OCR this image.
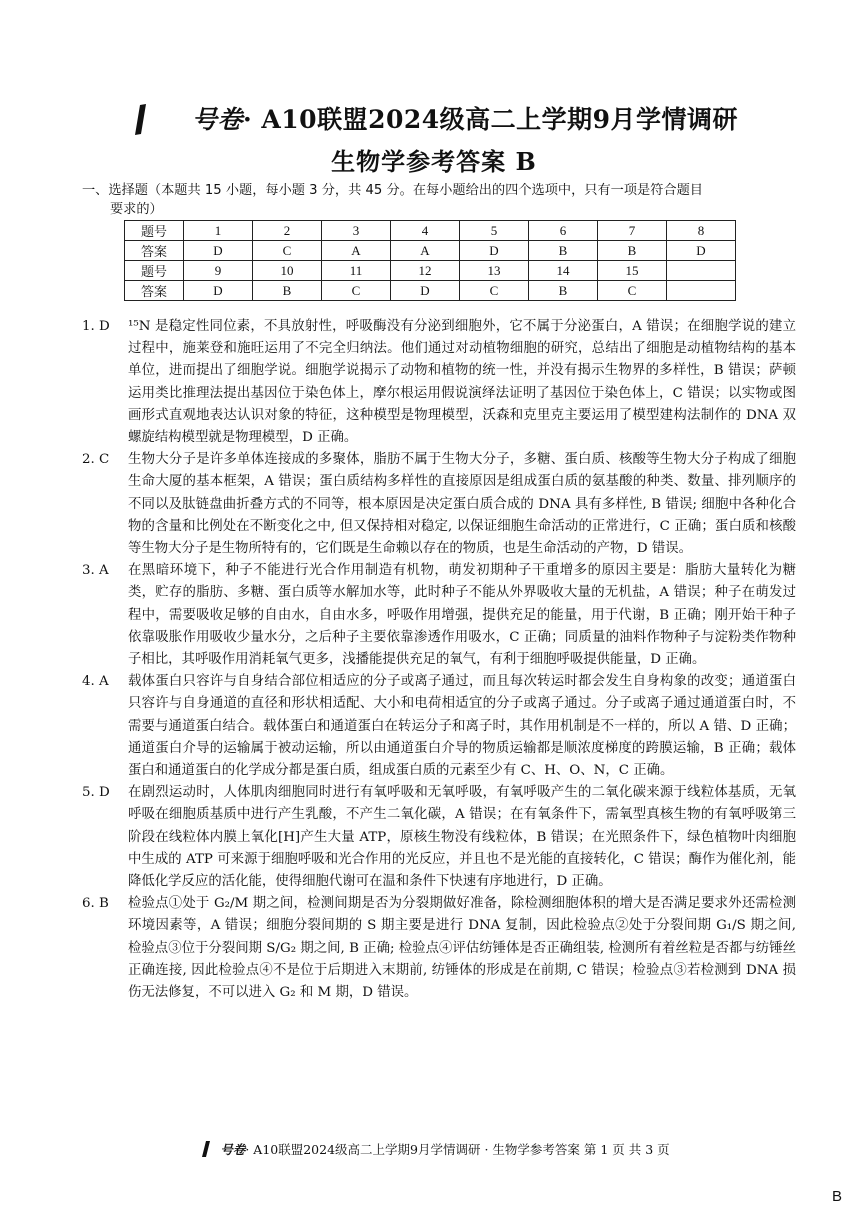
号卷· A10联盟2024级高二上学期9月学情调研
生物学参考答案 B
一、选择题（本题共 15 小题，每小题 3 分，共 45 分。在每小题给出的四个选项中，只有一项是符合题目
要求的）
题号	1	2	3	4	5	6	7	8
答案	D	C	A	A	D	B	B	D
题号	9	10	11	12	13	14	15	
答案	D	B	C	D	C	B	C	
1. D ¹⁵N 是稳定性同位素，不具放射性，呼吸酶没有分泌到细胞外，它不属于分泌蛋白，A 错误；在细胞学说的建立过程中，施莱登和施旺运用了不完全归纳法。他们通过对动植物细胞的研究，总结出了细胞是动植物结构的基本单位，进而提出了细胞学说。细胞学说揭示了动物和植物的统一性，并没有揭示生物界的多样性，B 错误；萨顿运用类比推理法提出基因位于染色体上，摩尔根运用假说演绎法证明了基因位于染色体上，C 错误；以实物或图画形式直观地表达认识对象的特征，这种模型是物理模型，沃森和克里克主要运用了模型建构法制作的 DNA 双螺旋结构模型就是物理模型，D 正确。
2. C 生物大分子是许多单体连接成的多聚体，脂肪不属于生物大分子，多糖、蛋白质、核酸等生物大分子构成了细胞生命大厦的基本框架，A 错误；蛋白质结构多样性的直接原因是组成蛋白质的氨基酸的种类、数量、排列顺序的不同以及肽链盘曲折叠方式的不同等，根本原因是决定蛋白质合成的 DNA 具有多样性, B 错误; 细胞中各种化合物的含量和比例处在不断变化之中, 但又保持相对稳定, 以保证细胞生命活动的正常进行，C 正确；蛋白质和核酸等生物大分子是生物所特有的，它们既是生命赖以存在的物质，也是生命活动的产物，D 错误。
3. A 在黑暗环境下，种子不能进行光合作用制造有机物，萌发初期种子干重增多的原因主要是：脂肪大量转化为糖类，贮存的脂肪、多糖、蛋白质等水解加水等，此时种子不能从外界吸收大量的无机盐，A 错误；种子在萌发过程中，需要吸收足够的自由水，自由水多，呼吸作用增强，提供充足的能量，用于代谢，B 正确；刚开始干种子依靠吸胀作用吸收少量水分，之后种子主要依靠渗透作用吸水，C 正确；同质量的油料作物种子与淀粉类作物种子相比，其呼吸作用消耗氧气更多，浅播能提供充足的氧气，有利于细胞呼吸提供能量，D 正确。
4. A 载体蛋白只容许与自身结合部位相适应的分子或离子通过，而且每次转运时都会发生自身构象的改变；通道蛋白只容许与自身通道的直径和形状相适配、大小和电荷相适宜的分子或离子通过。分子或离子通过通道蛋白时，不需要与通道蛋白结合。载体蛋白和通道蛋白在转运分子和离子时，其作用机制是不一样的，所以 A 错、D 正确；通道蛋白介导的运输属于被动运输，所以由通道蛋白介导的物质运输都是顺浓度梯度的跨膜运输，B 正确；载体蛋白和通道蛋白的化学成分都是蛋白质，组成蛋白质的元素至少有 C、H、O、N，C 正确。
5. D 在剧烈运动时，人体肌肉细胞同时进行有氧呼吸和无氧呼吸，有氧呼吸产生的二氧化碳来源于线粒体基质，无氧呼吸在细胞质基质中进行产生乳酸，不产生二氧化碳，A 错误；在有氧条件下，需氧型真核生物的有氧呼吸第三阶段在线粒体内膜上氧化[H]产生大量 ATP，原核生物没有线粒体，B 错误；在光照条件下，绿色植物叶肉细胞中生成的 ATP 可来源于细胞呼吸和光合作用的光反应，并且也不是光能的直接转化，C 错误；酶作为催化剂，能降低化学反应的活化能，使得细胞代谢可在温和条件下快速有序地进行，D 正确。
6. B 检验点①处于 G₂/M 期之间，检测间期是否为分裂期做好准备，除检测细胞体积的增大是否满足要求外还需检测环境因素等，A 错误；细胞分裂间期的 S 期主要是进行 DNA 复制，因此检验点②处于分裂间期 G₁/S 期之间, 检验点③位于分裂间期 S/G₂ 期之间, B 正确; 检验点④评估纺锤体是否正确组装, 检测所有着丝粒是否都与纺锤丝正确连接, 因此检验点④不是位于后期进入末期前, 纺锤体的形成是在前期, C 错误；检验点③若检测到 DNA 损伤无法修复，不可以进入 G₂ 和 M 期，D 错误。
号卷· A10联盟2024级高二上学期9月学情调研 · 生物学参考答案 第 1 页 共 3 页
B
